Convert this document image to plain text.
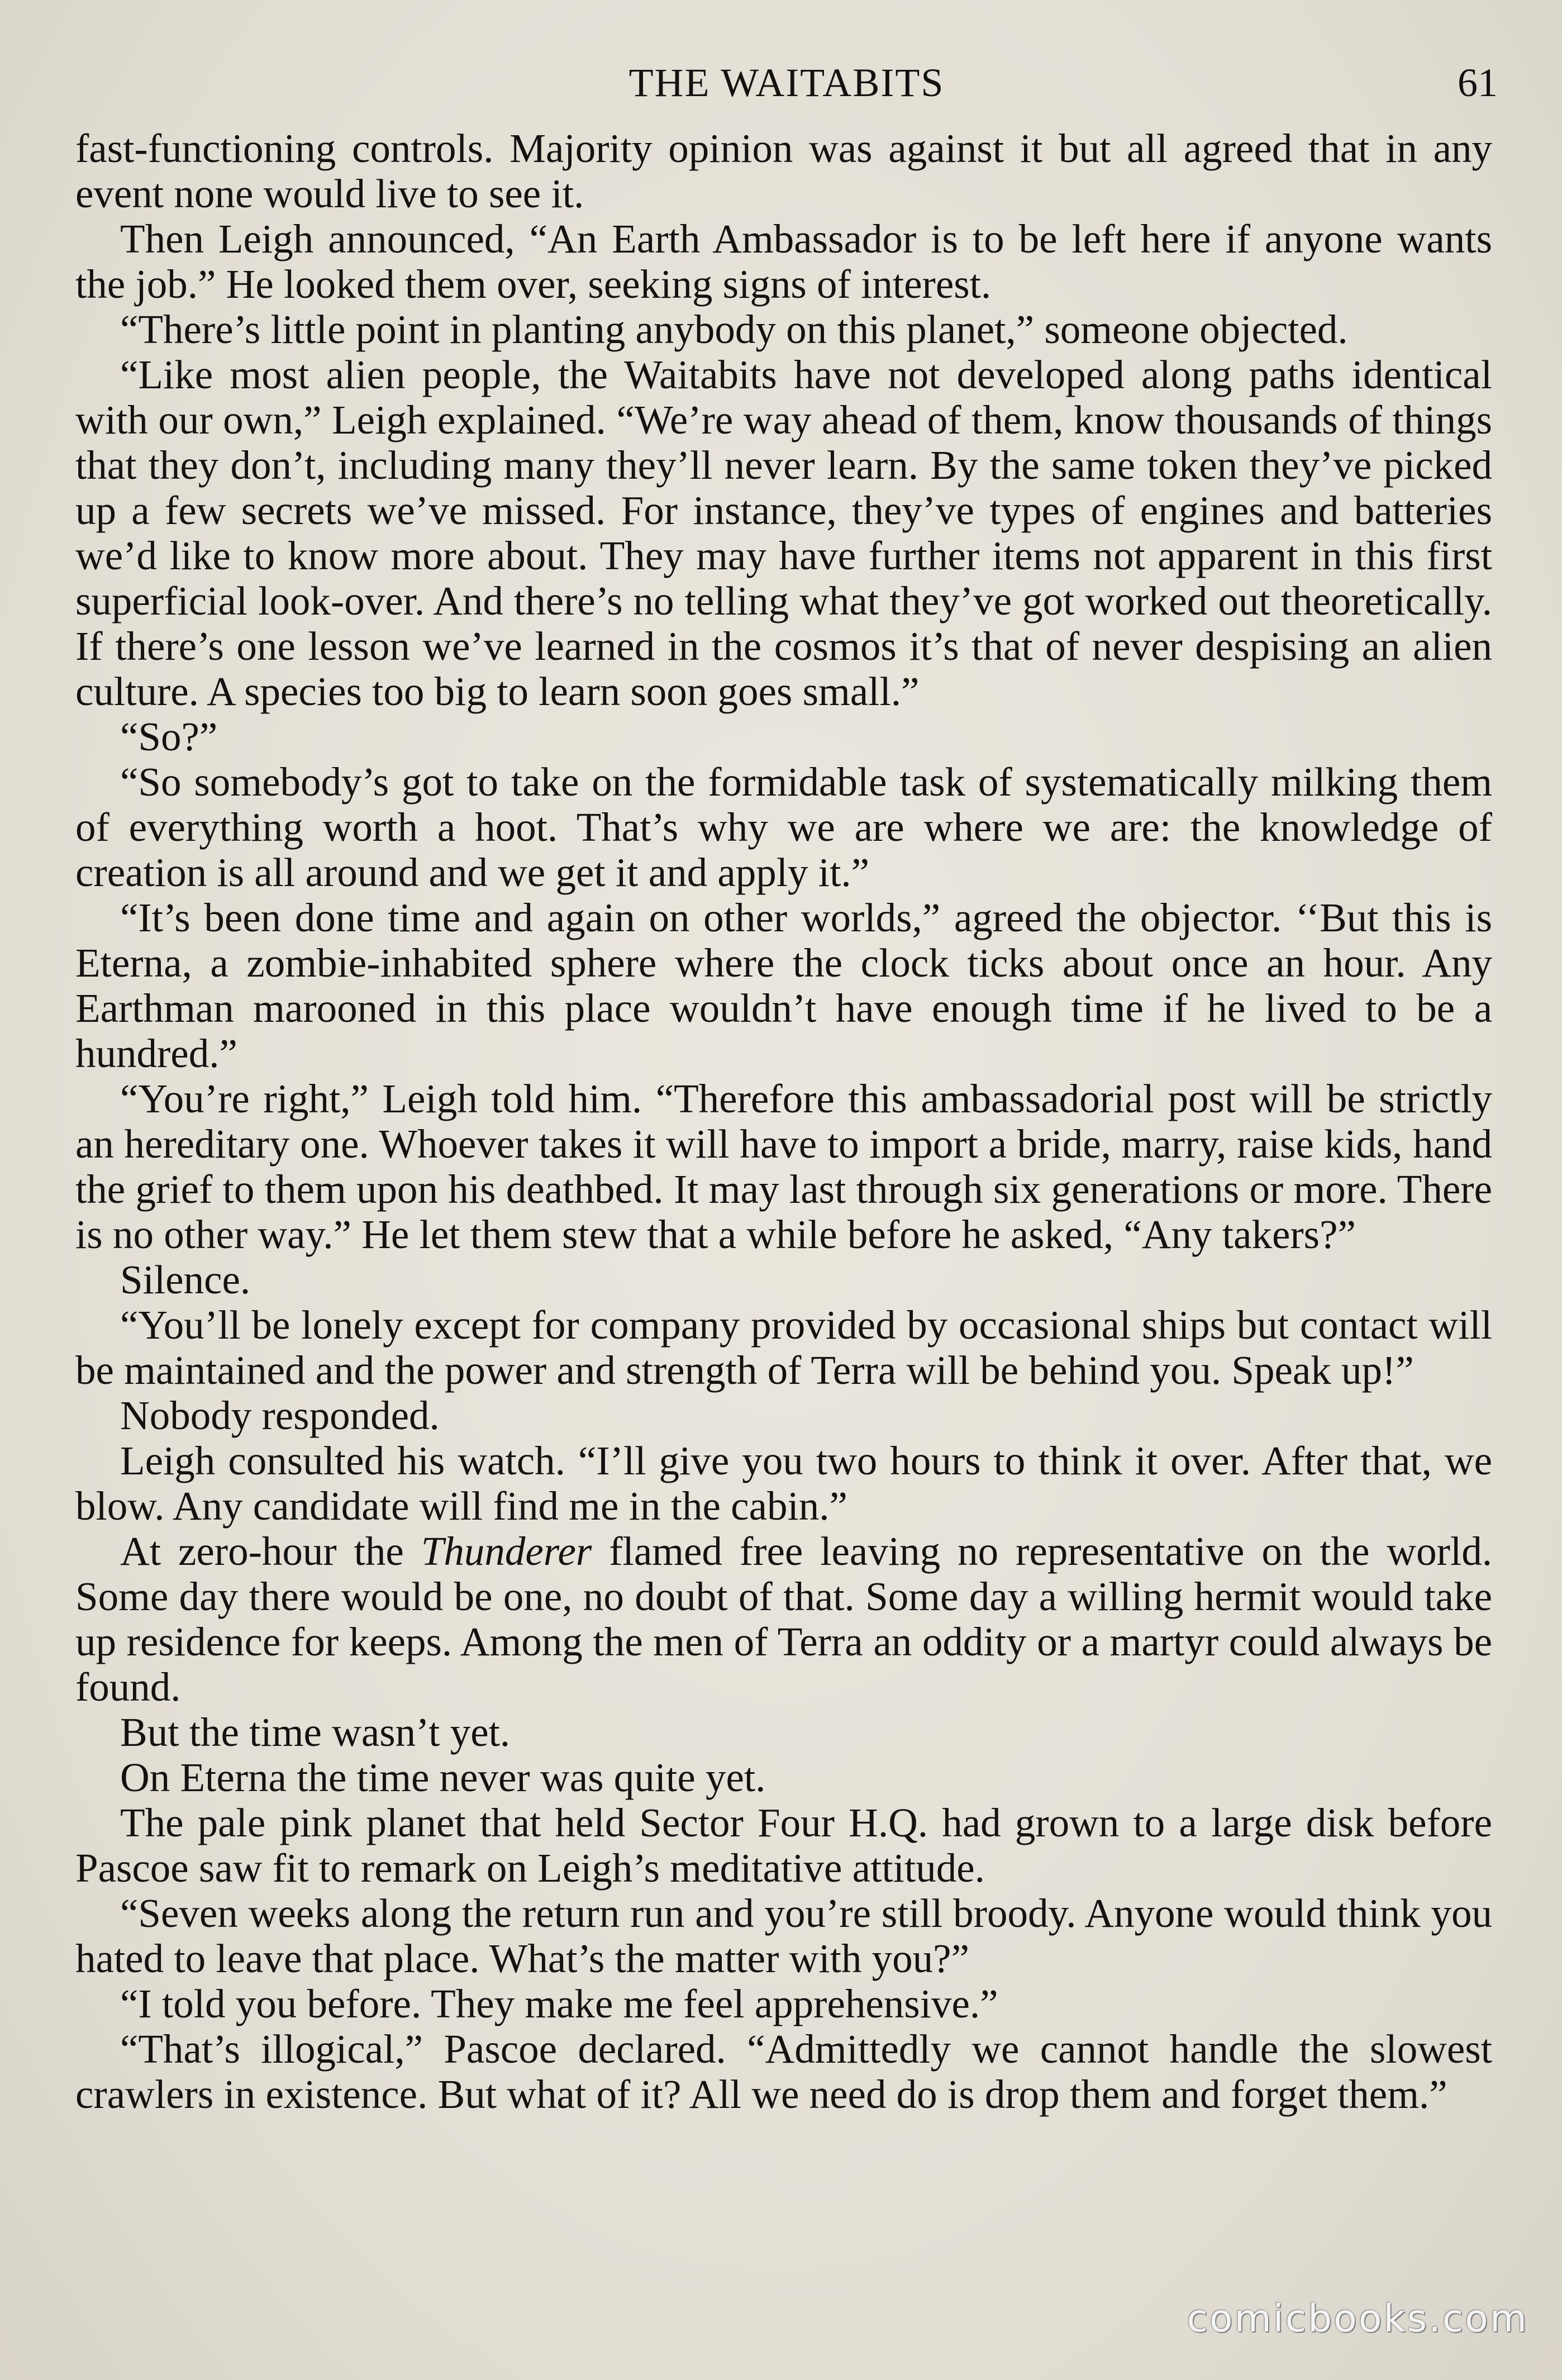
THE WAITABITS	61

fast-functioning controls. Majority opinion was against it but all agreed that in any event none would live to see it.

Then Leigh announced, “An Earth Ambassador is to be left here if anyone wants the job.” He looked them over, seeking signs of interest.

“There’s little point in planting anybody on this planet,” someone objected.

“Like most alien people, the Waitabits have not developed along paths identical with our own,” Leigh explained. “We’re way ahead of them, know thousands of things that they don’t, including many they’ll never learn. By the same token they’ve picked up a few secrets we’ve missed. For instance, they’ve types of engines and batteries we’d like to know more about. They may have further items not apparent in this first superficial look-over. And there’s no telling what they’ve got worked out theoretically. If there’s one lesson we’ve learned in the cosmos it’s that of never despising an alien culture. A species too big to learn soon goes small.”

“So?”

“So somebody’s got to take on the formidable task of systematically milking them of everything worth a hoot. That’s why we are where we are: the knowledge of creation is all around and we get it and apply it.”

“It’s been done time and again on other worlds,” agreed the objector. ‘‘But this is Eterna, a zombie-inhabited sphere where the clock ticks about once an hour. Any Earthman marooned in this place wouldn’t have enough time if he lived to be a hundred.”

“You’re right,” Leigh told him. “Therefore this ambassadorial post will be strictly an hereditary one. Whoever takes it will have to import a bride, marry, raise kids, hand the grief to them upon his deathbed. It may last through six generations or more. There is no other way.” He let them stew that a while before he asked, “Any takers?”

Silence.

“You’ll be lonely except for company provided by occasional ships but contact will be maintained and the power and strength of Terra will be behind you. Speak up!”

Nobody responded.

Leigh consulted his watch. “I’ll give you two hours to think it over. After that, we blow. Any candidate will find me in the cabin.”

At zero-hour the Thunderer flamed free leaving no representative on the world. Some day there would be one, no doubt of that. Some day a willing hermit would take up residence for keeps. Among the men of Terra an oddity or a martyr could always be found.

But the time wasn’t yet.

On Eterna the time never was quite yet.

The pale pink planet that held Sector Four H.Q. had grown to a large disk before Pascoe saw fit to remark on Leigh’s meditative attitude.

“Seven weeks along the return run and you’re still broody. Anyone would think you hated to leave that place. What’s the matter with you?”

“I told you before. They make me feel apprehensive.”

“That’s illogical,” Pascoe declared. “Admittedly we cannot handle the slowest crawlers in existence. But what of it? All we need do is drop them and forget them.”

comicbooks.com
